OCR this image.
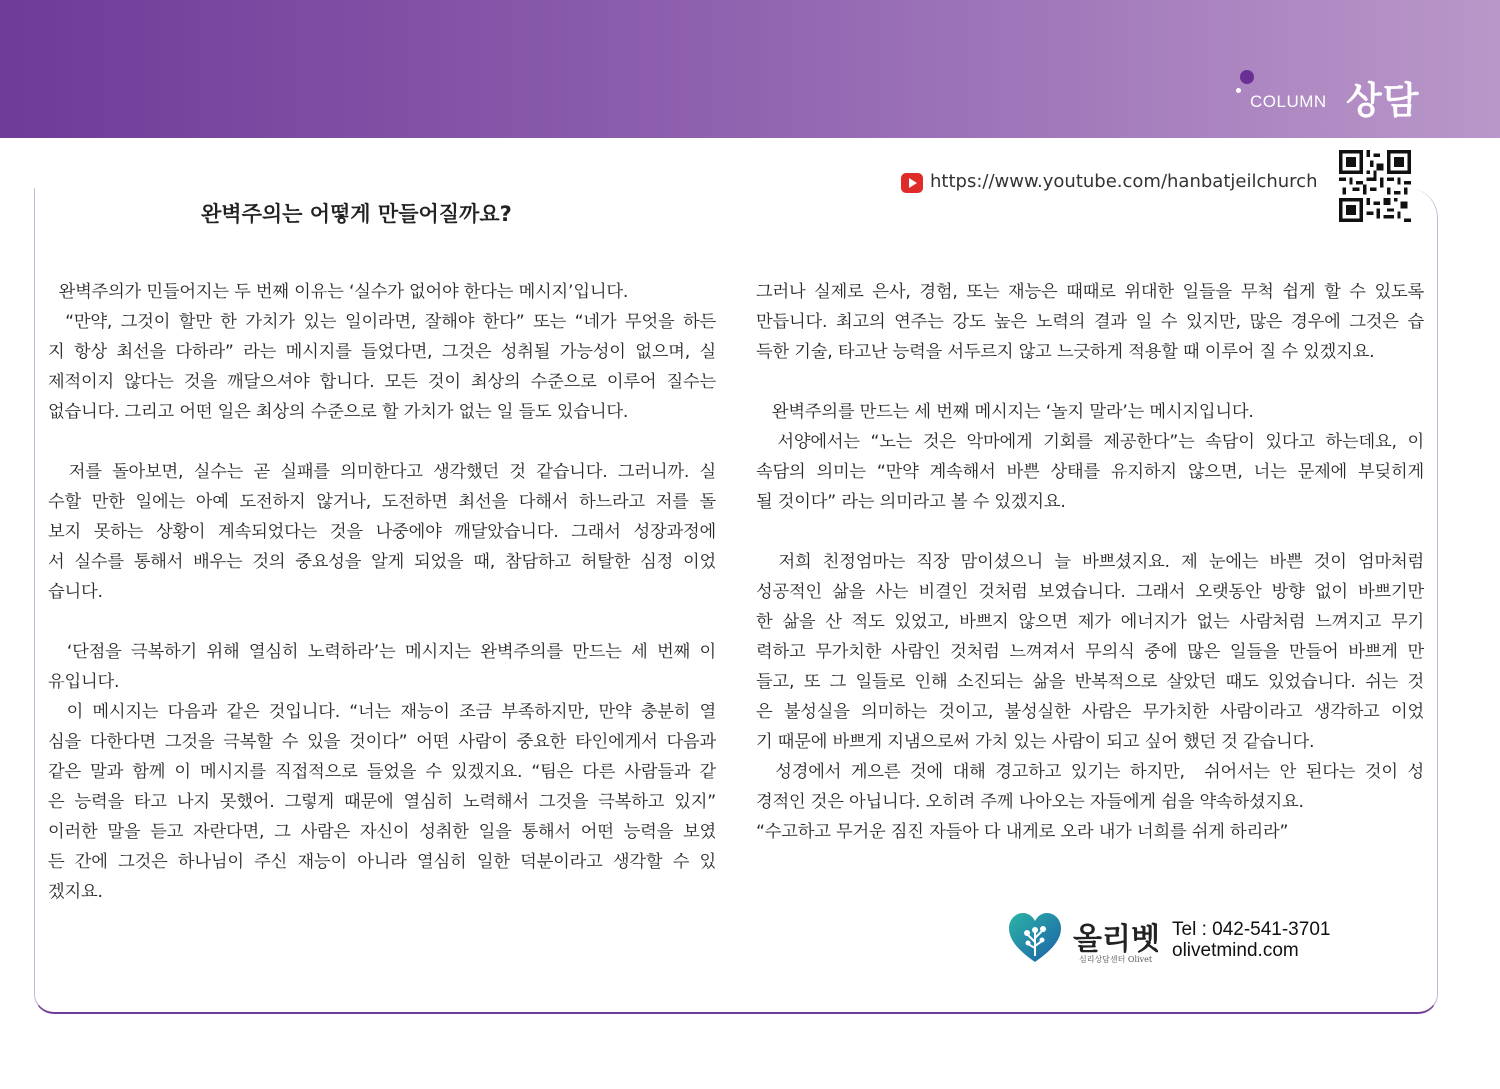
COLUMN 상담
https://www.youtube.com/hanbatjeilchurch
완벽주의는 어떻게 만들어질까요?
완벽주의가 민들어지는 두 번째 이유는 ‘실수가 없어야 한다는 메시지’입니다.
“만약, 그것이 할만 한 가치가 있는 일이라면, 잘해야 한다” 또는 “네가 무엇을 하든
지 항상 최선을 다하라” 라는 메시지를 들었다면, 그것은 성취될 가능성이 없으며, 실
제적이지 않다는 것을 깨달으셔야 합니다. 모든 것이 최상의 수준으로 이루어 질수는
없습니다. 그리고 어떤 일은 최상의 수준으로 할 가치가 없는 일 들도 있습니다.
저를 돌아보면, 실수는 곧 실패를 의미한다고 생각했던 것 같습니다. 그러니까. 실
수할 만한 일에는 아예 도전하지 않거나, 도전하면 최선을 다해서 하느라고 저를 돌
보지 못하는 상황이 계속되었다는 것을 나중에야 깨달았습니다. 그래서 성장과정에
서 실수를 통해서 배우는 것의 중요성을 알게 되었을 때, 참담하고 허탈한 심정 이었
습니다.
‘단점을 극복하기 위해 열심히 노력하라’는 메시지는 완벽주의를 만드는 세 번째 이
유입니다.
이 메시지는 다음과 같은 것입니다. “너는 재능이 조금 부족하지만, 만약 충분히 열
심을 다한다면 그것을 극복할 수 있을 것이다” 어떤 사람이 중요한 타인에게서 다음과
같은 말과 함께 이 메시지를 직접적으로 들었을 수 있겠지요. “팀은 다른 사람들과 같
은 능력을 타고 나지 못했어. 그렇게 때문에 열심히 노력해서 그것을 극복하고 있지”
이러한 말을 듣고 자란다면, 그 사람은 자신이 성취한 일을 통해서 어떤 능력을 보였
든 간에 그것은 하나님이 주신 재능이 아니라 열심히 일한 덕분이라고 생각할 수 있
겠지요.
그러나 실제로 은사, 경험, 또는 재능은 때때로 위대한 일들을 무척 쉽게 할 수 있도록
만듭니다. 최고의 연주는 강도 높은 노력의 결과 일 수 있지만, 많은 경우에 그것은 습
득한 기술, 타고난 능력을 서두르지 않고 느긋하게 적용할 때 이루어 질 수 있겠지요.
완벽주의를 만드는 세 번째 메시지는 ‘놀지 말라’는 메시지입니다.
서양에서는 “노는 것은 악마에게 기회를 제공한다”는 속담이 있다고 하는데요, 이
속담의 의미는 “만약 계속해서 바쁜 상태를 유지하지 않으면, 너는 문제에 부딪히게
될 것이다” 라는 의미라고 볼 수 있겠지요.
저희 친정엄마는 직장 맘이셨으니 늘 바쁘셨지요. 제 눈에는 바쁜 것이 엄마처럼
성공적인 삶을 사는 비결인 것처럼 보였습니다. 그래서 오랫동안 방향 없이 바쁘기만
한 삶을 산 적도 있었고, 바쁘지 않으면 제가 에너지가 없는 사람처럼 느껴지고 무기
력하고 무가치한 사람인 것처럼 느껴져서 무의식 중에 많은 일들을 만들어 바쁘게 만
들고, 또 그 일들로 인해 소진되는 삶을 반복적으로 살았던 때도 있었습니다. 쉬는 것
은 불성실을 의미하는 것이고, 불성실한 사람은 무가치한 사람이라고 생각하고 이었
기 때문에 바쁘게 지냄으로써 가치 있는 사람이 되고 싶어 했던 것 같습니다.
성경에서 게으른 것에 대해 경고하고 있기는 하지만,  쉬어서는 안 된다는 것이 성
경적인 것은 아닙니다. 오히려 주께 나아오는 자들에게 쉼을 약속하셨지요.
“수고하고 무거운 짐진 자들아 다 내게로 오라 내가 너희를 쉬게 하리라”
올리벳
심리상담센터 Olivet
Tel : 042-541-3701
olivetmind.com
